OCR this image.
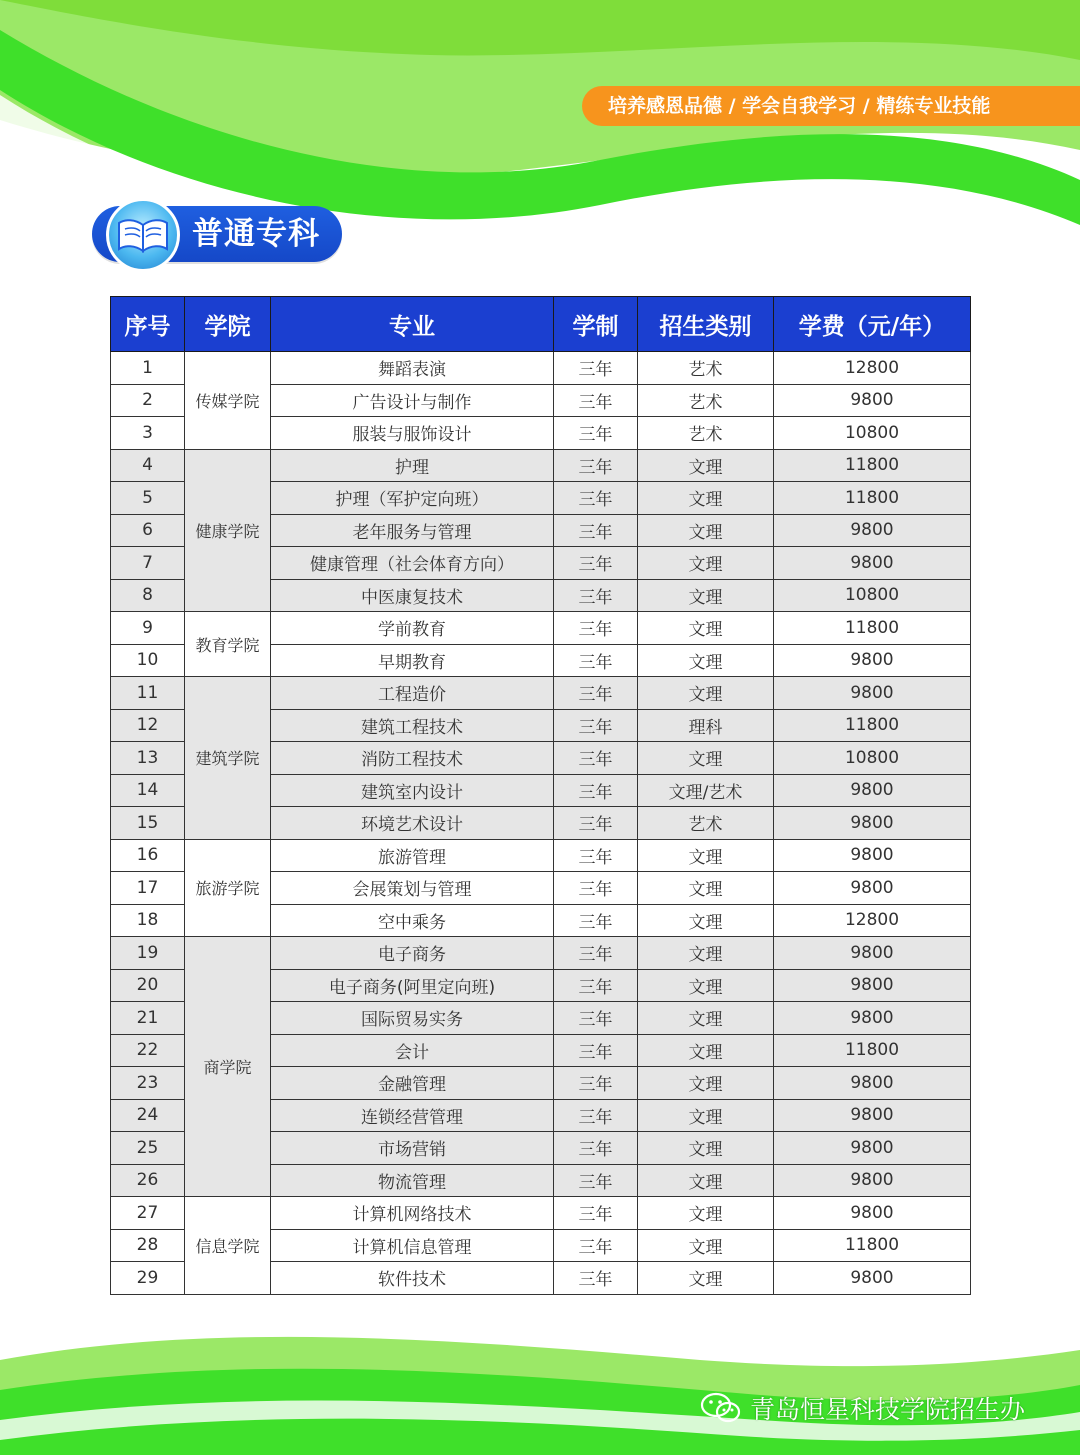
培养感恩品德 / 学会自我学习 / 精练专业技能
普通专科
序号	学院	专业	学制	招生类别	学费（元/年）
1	传媒学院	舞蹈表演	三年	艺术	12800
2		广告设计与制作	三年	艺术	9800
3		服装与服饰设计	三年	艺术	10800
4	健康学院	护理	三年	文理	11800
5		护理（军护定向班）	三年	文理	11800
6		老年服务与管理	三年	文理	9800
7		健康管理（社会体育方向）	三年	文理	9800
8		中医康复技术	三年	文理	10800
9	教育学院	学前教育	三年	文理	11800
10		早期教育	三年	文理	9800
11	建筑学院	工程造价	三年	文理	9800
12		建筑工程技术	三年	理科	11800
13		消防工程技术	三年	文理	10800
14		建筑室内设计	三年	文理/艺术	9800
15		环境艺术设计	三年	艺术	9800
16	旅游学院	旅游管理	三年	文理	9800
17		会展策划与管理	三年	文理	9800
18		空中乘务	三年	文理	12800
19	商学院	电子商务	三年	文理	9800
20		电子商务(阿里定向班)	三年	文理	9800
21		国际贸易实务	三年	文理	9800
22		会计	三年	文理	11800
23		金融管理	三年	文理	9800
24		连锁经营管理	三年	文理	9800
25		市场营销	三年	文理	9800
26		物流管理	三年	文理	9800
27	信息学院	计算机网络技术	三年	文理	9800
28		计算机信息管理	三年	文理	11800
29		软件技术	三年	文理	9800
青岛恒星科技学院招生办
